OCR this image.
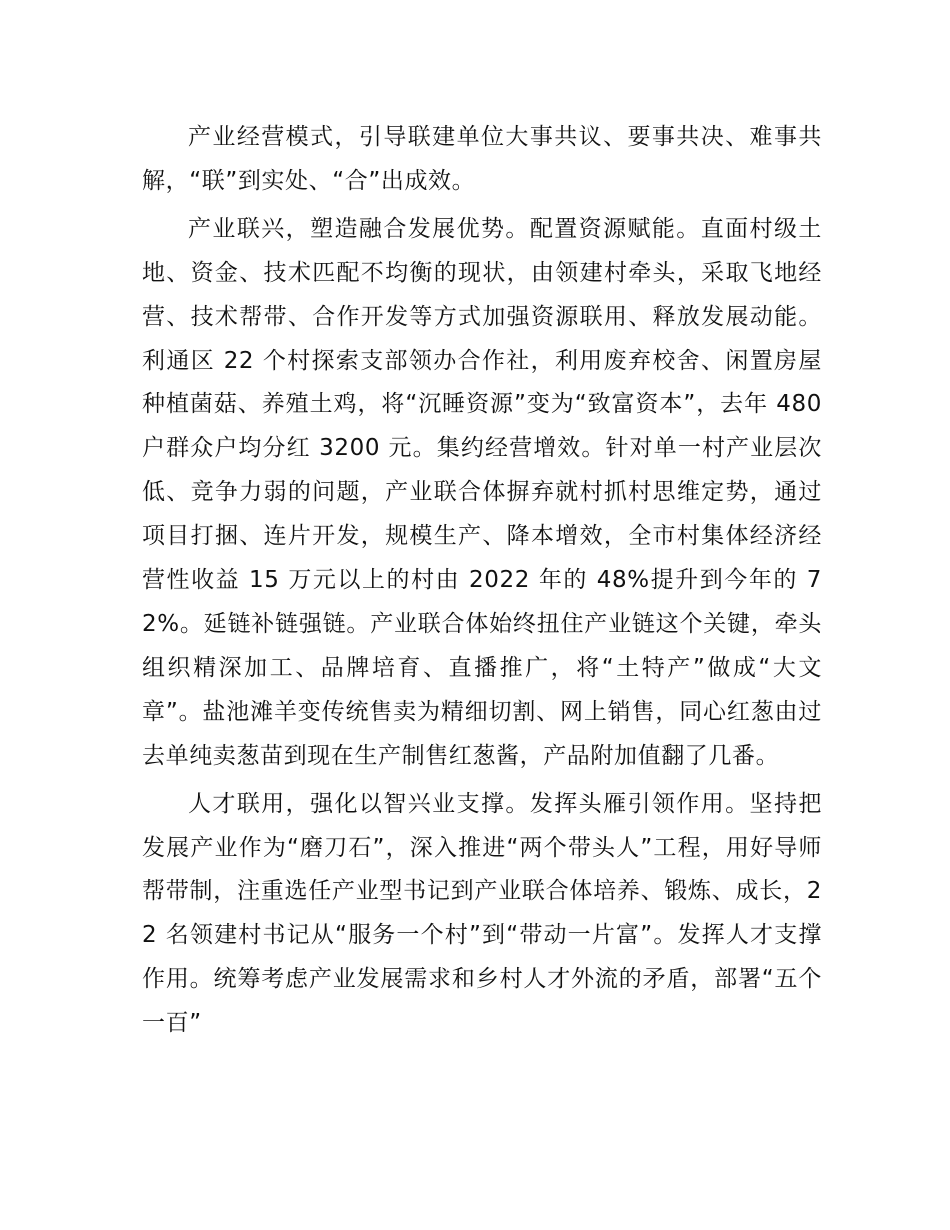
产业经营模式，引导联建单位大事共议、要事共决、难事共解，“联”到实处、“合”出成效。

产业联兴，塑造融合发展优势。配置资源赋能。直面村级土地、资金、技术匹配不均衡的现状，由领建村牵头，采取飞地经营、技术帮带、合作开发等方式加强资源联用、释放发展动能。利通区 22 个村探索支部领办合作社，利用废弃校舍、闲置房屋种植菌菇、养殖土鸡，将“沉睡资源”变为“致富资本”，去年 480 户群众户均分红 3200 元。集约经营增效。针对单一村产业层次低、竞争力弱的问题，产业联合体摒弃就村抓村思维定势，通过项目打捆、连片开发，规模生产、降本增效，全市村集体经济经营性收益 15 万元以上的村由 2022 年的 48%提升到今年的 72%。延链补链强链。产业联合体始终扭住产业链这个关键，牵头组织精深加工、品牌培育、直播推广，将“土特产”做成“大文章”。盐池滩羊变传统售卖为精细切割、网上销售，同心红葱由过去单纯卖葱苗到现在生产制售红葱酱，产品附加值翻了几番。

人才联用，强化以智兴业支撑。发挥头雁引领作用。坚持把发展产业作为“磨刀石”，深入推进“两个带头人”工程，用好导师帮带制，注重选任产业型书记到产业联合体培养、锻炼、成长，22 名领建村书记从“服务一个村”到“带动一片富”。发挥人才支撑作用。统筹考虑产业发展需求和乡村人才外流的矛盾，部署“五个一百”
